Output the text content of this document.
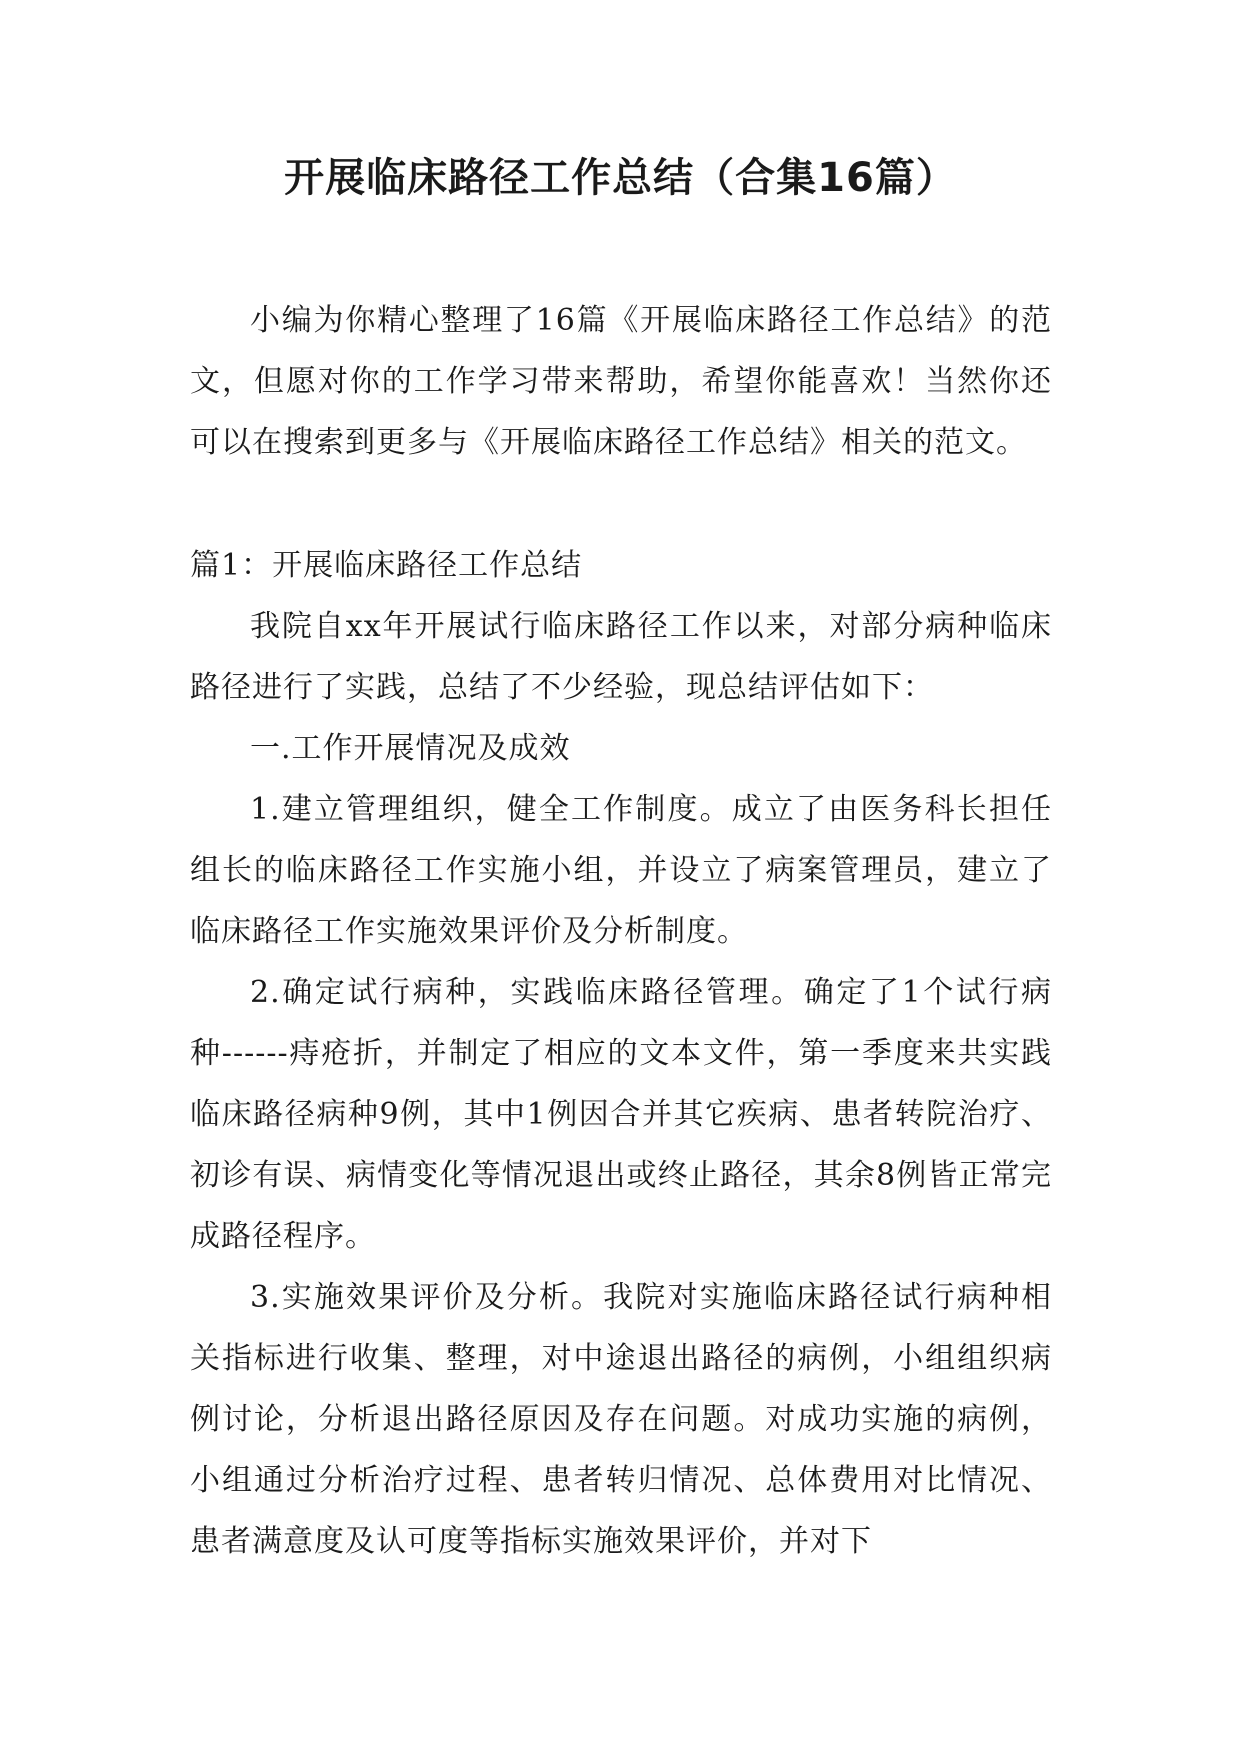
开展临床路径工作总结（合集16篇）

小编为你精心整理了16篇《开展临床路径工作总结》的范文，但愿对你的工作学习带来帮助，希望你能喜欢！当然你还可以在搜索到更多与《开展临床路径工作总结》相关的范文。

篇1：开展临床路径工作总结

我院自xx年开展试行临床路径工作以来，对部分病种临床路径进行了实践，总结了不少经验，现总结评估如下：

一.工作开展情况及成效

1.建立管理组织，健全工作制度。成立了由医务科长担任组长的临床路径工作实施小组，并设立了病案管理员，建立了临床路径工作实施效果评价及分析制度。

2.确定试行病种，实践临床路径管理。确定了1个试行病种------痔疮折，并制定了相应的文本文件，第一季度来共实践临床路径病种9例，其中1例因合并其它疾病、患者转院治疗、初诊有误、病情变化等情况退出或终止路径，其余8例皆正常完成路径程序。

3.实施效果评价及分析。我院对实施临床路径试行病种相关指标进行收集、整理，对中途退出路径的病例，小组组织病例讨论，分析退出路径原因及存在问题。对成功实施的病例，小组通过分析治疗过程、患者转归情况、总体费用对比情况、患者满意度及认可度等指标实施效果评价，并对下
